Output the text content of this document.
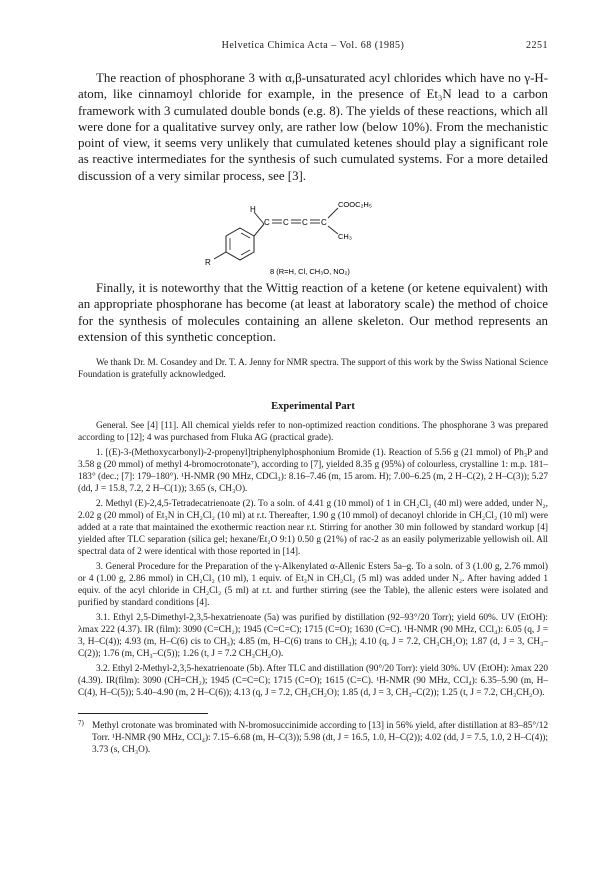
Helvetica Chimica Acta – Vol. 68 (1985)	2251

The reaction of phosphorane 3 with α,β-unsaturated acyl chlorides which have no γ-H-atom, like cinnamoyl chloride for example, in the presence of Et₃N lead to a carbon framework with 3 cumulated double bonds (e.g. 8). The yields of these reactions, which all were done for a qualitative survey only, are rather low (below 10%). From the mechanistic point of view, it seems very unlikely that cumulated ketenes should play a significant role as reactive intermediates for the synthesis of such cumulated systems. For a more detailed discussion of a very similar process, see [3].

H
C C C C
COOC₂H₅
CH₃
R
8 (R=H, Cl, CH₃O, NO₂)

Finally, it is noteworthy that the Wittig reaction of a ketene (or ketene equivalent) with an appropriate phosphorane has become (at least at laboratory scale) the method of choice for the synthesis of molecules containing an allene skeleton. Our method represents an extension of this synthetic conception.

We thank Dr. M. Cosandey and Dr. T. A. Jenny for NMR spectra. The support of this work by the Swiss National Science Foundation is gratefully acknowledged.

Experimental Part

General. See [4] [11]. All chemical yields refer to non-optimized reaction conditions. The phosphorane 3 was prepared according to [12]; 4 was purchased from Fluka AG (practical grade).

1. [(E)-3-(Methoxycarbonyl)-2-propenyl]triphenylphosphonium Bromide (1). Reaction of 5.56 g (21 mmol) of Ph₃P and 3.58 g (20 mmol) of methyl 4-bromocrotonate⁷), according to [7], yielded 8.35 g (95%) of colourless, crystalline 1: m.p. 181–183° (dec.; [7]: 179–180°). ¹H-NMR (90 MHz, CDCl₃): 8.16–7.46 (m, 15 arom. H); 7.00–6.25 (m, 2 H–C(2), 2 H–C(3)); 5.27 (dd, J = 15.8, 7.2, 2 H–C(1)); 3.65 (s, CH₃O).

2. Methyl (E)-2,4,5-Tetradecatrienoate (2). To a soln. of 4.41 g (10 mmol) of 1 in CH₂Cl₂ (40 ml) were added, under N₂, 2.02 g (20 mmol) of Et₃N in CH₂Cl₂ (10 ml) at r.t. Thereafter, 1.90 g (10 mmol) of decanoyl chloride in CH₂Cl₂ (10 ml) were added at a rate that maintained the exothermic reaction near r.t. Stirring for another 30 min followed by standard workup [4] yielded after TLC separation (silica gel; hexane/Et₂O 9:1) 0.50 g (21%) of rac-2 as an easily polymerizable yellowish oil. All spectral data of 2 were identical with those reported in [14].

3. General Procedure for the Preparation of the γ-Alkenylated α-Allenic Esters 5a–g. To a soln. of 3 (1.00 g, 2.76 mmol) or 4 (1.00 g, 2.86 mmol) in CH₂Cl₂ (10 ml), 1 equiv. of Et₃N in CH₂Cl₂ (5 ml) was added under N₂. After having added 1 equiv. of the acyl chloride in CH₂Cl₂ (5 ml) at r.t. and further stirring (see the Table), the allenic esters were isolated and purified by standard conditions [4].

3.1. Ethyl 2,5-Dimethyl-2,3,5-hexatrienoate (5a) was purified by distillation (92–93°/20 Torr); yield 60%. UV (EtOH): λmax 222 (4.37). IR (film): 3090 (C=CH₂); 1945 (C=C=C); 1715 (C=O); 1630 (C=C). ¹H-NMR (90 MHz, CCl₄): 6.05 (q, J = 3, H–C(4)); 4.93 (m, H–C(6) cis to CH₃); 4.85 (m, H–C(6) trans to CH₃); 4.10 (q, J = 7.2, CH₃CH₂O); 1.87 (d, J = 3, CH₃–C(2)); 1.76 (m, CH₃–C(5)); 1.26 (t, J = 7.2 CH₃CH₂O).

3.2. Ethyl 2-Methyl-2,3,5-hexatrienoate (5b). After TLC and distillation (90°/20 Torr): yield 30%. UV (EtOH): λmax 220 (4.39). IR(film): 3090 (CH=CH₂); 1945 (C=C=C); 1715 (C=O); 1615 (C=C). ¹H-NMR (90 MHz, CCl₄): 6.35–5.90 (m, H–C(4), H–C(5)); 5.40–4.90 (m, 2 H–C(6)); 4.13 (q, J = 7.2, CH₃CH₂O); 1.85 (d, J = 3, CH₃–C(2)); 1.25 (t, J = 7.2, CH₃CH₂O).

7) Methyl crotonate was brominated with N-bromosuccinimide according to [13] in 56% yield, after distillation at 83–85°/12 Torr. ¹H-NMR (90 MHz, CCl₄): 7.15–6.68 (m, H–C(3)); 5.98 (dt, J = 16.5, 1.0, H–C(2)); 4.02 (dd, J = 7.5, 1.0, 2 H–C(4)); 3.73 (s, CH₃O).
